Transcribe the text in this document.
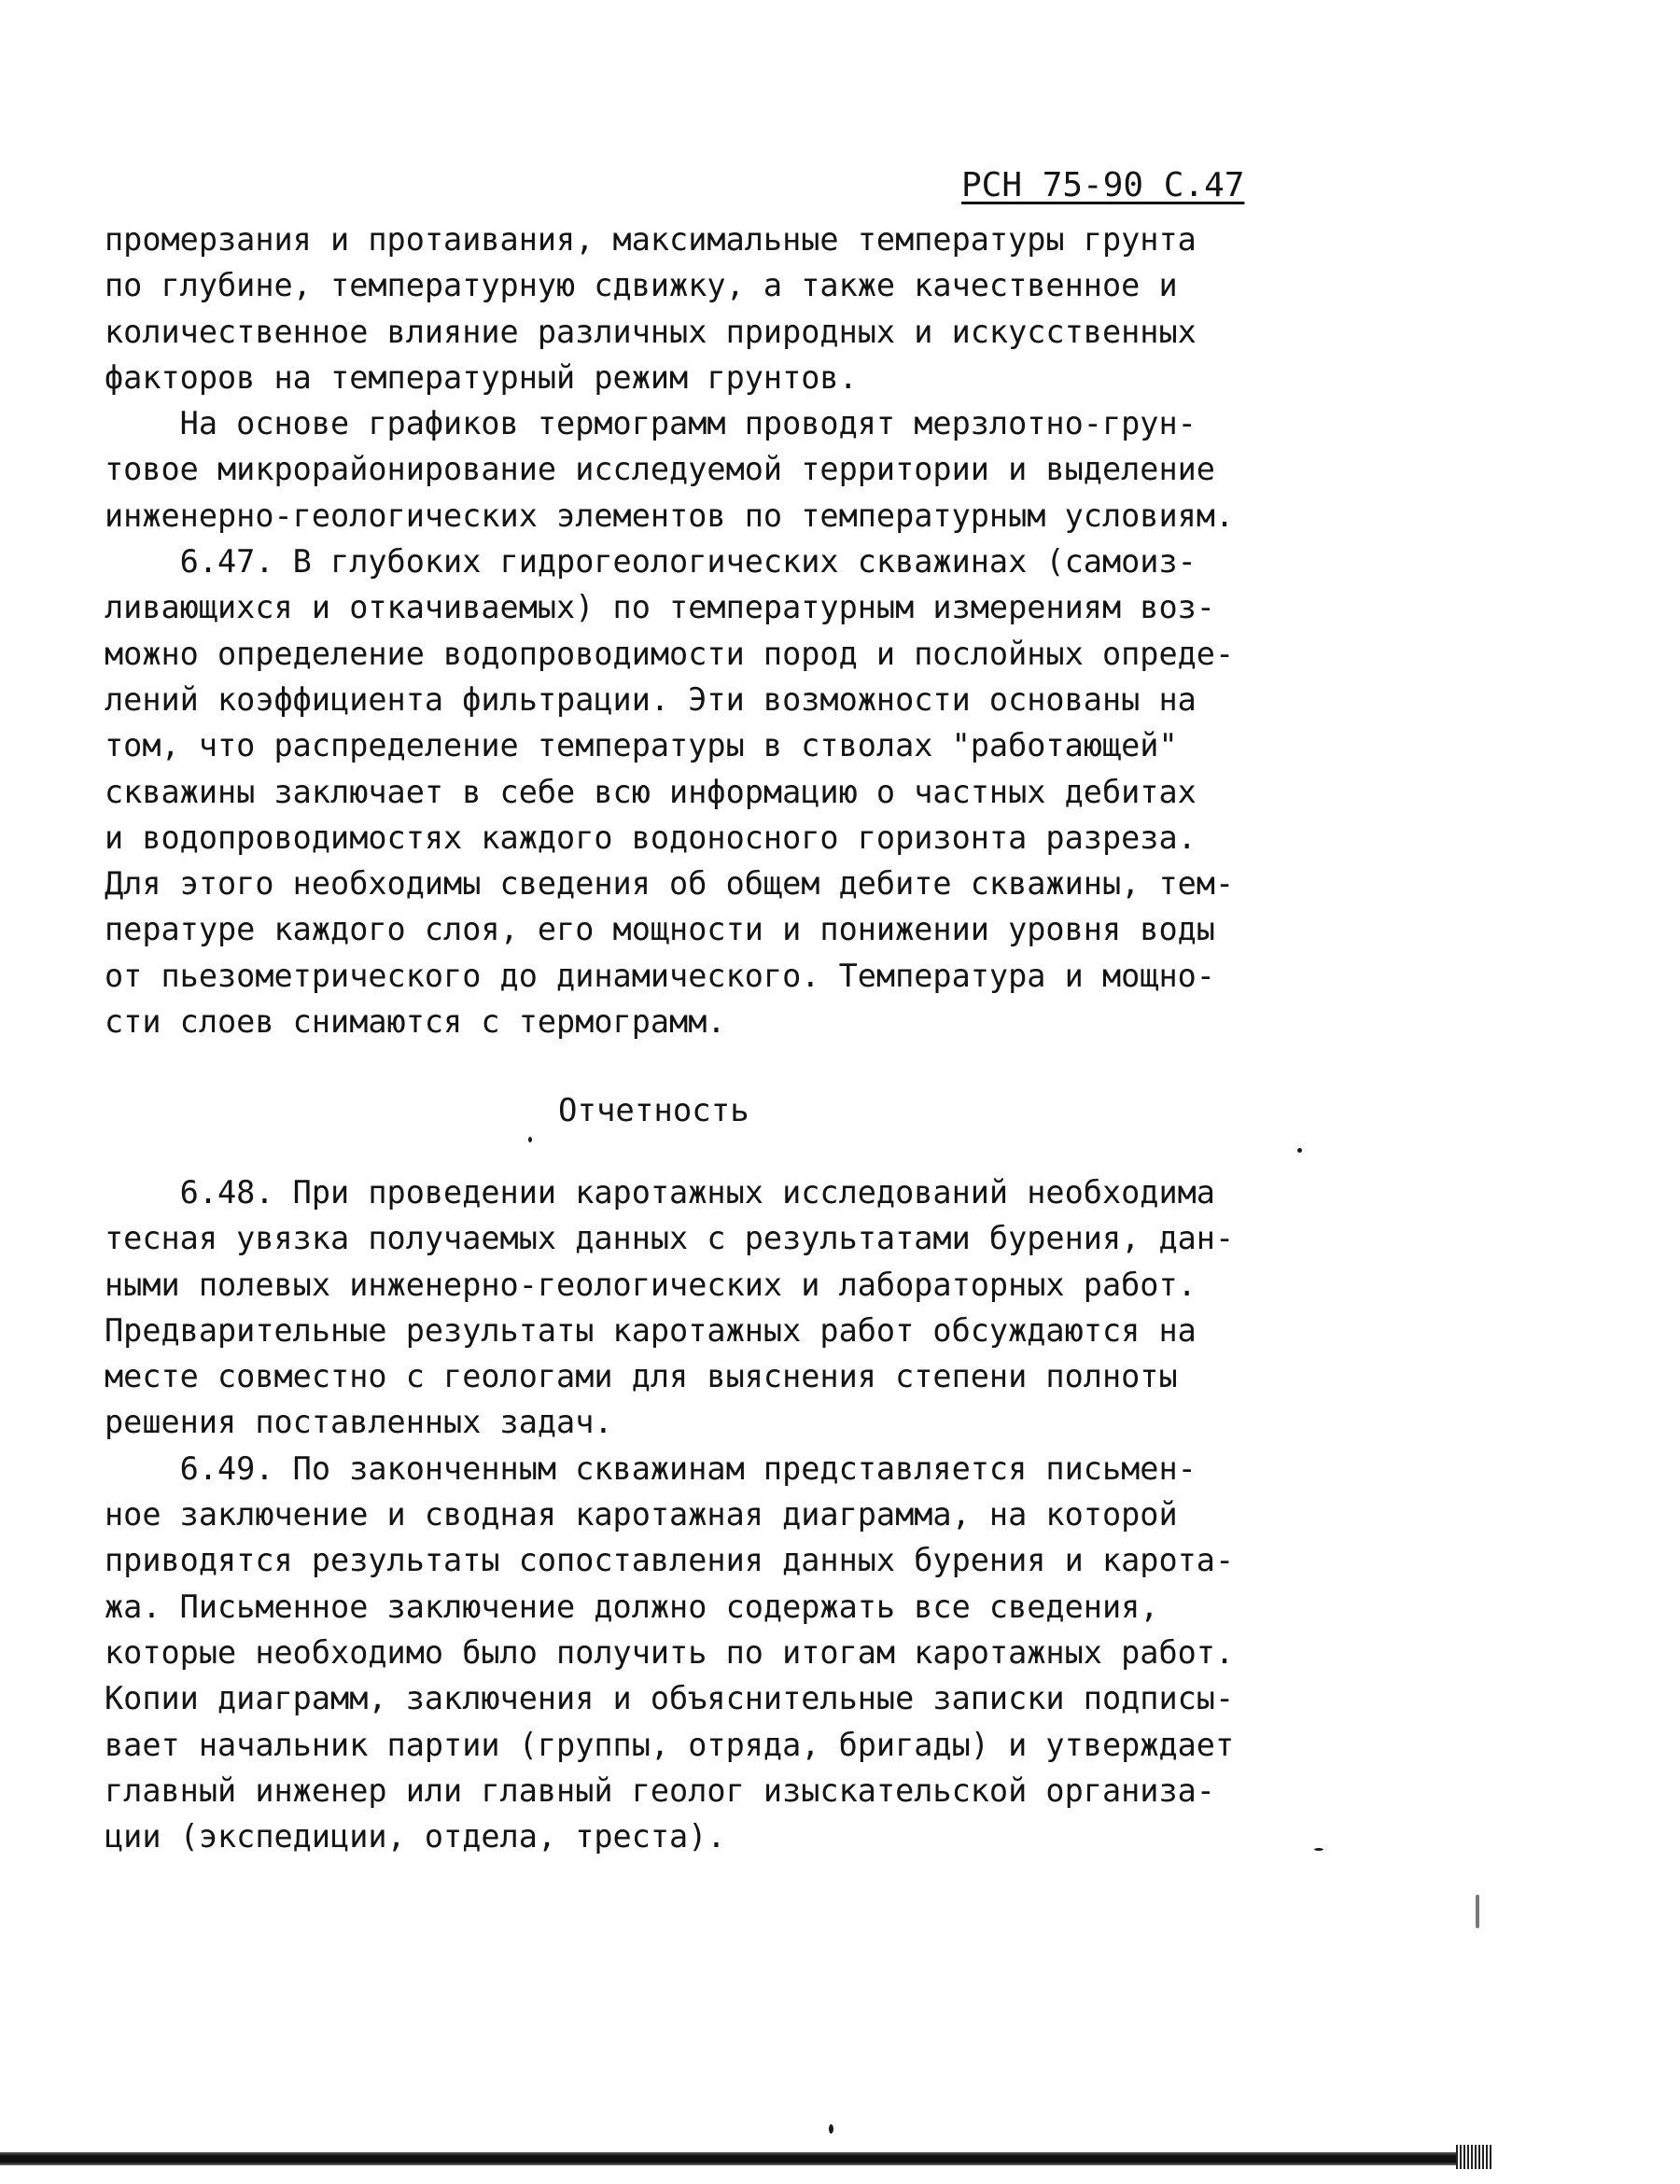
РСН 75-90 С.47
промерзания и протаивания, максимальные температуры грунта
по глубине, температурную сдвижку, а также качественное и
количественное влияние различных природных и искусственных
факторов на температурный режим грунтов.
На основе графиков термограмм проводят мерзлотно-грун-
товое микрорайонирование исследуемой территории и выделение
инженерно-геологических элементов по температурным условиям.
6.47. В глубоких гидрогеологических скважинах (самоиз-
ливающихся и откачиваемых) по температурным измерениям воз-
можно определение водопроводимости пород и послойных опреде-
лений коэффициента фильтрации. Эти возможности основаны на
том, что распределение температуры в стволах "работающей"
скважины заключает в себе всю информацию о частных дебитах
и водопроводимостях каждого водоносного горизонта разреза.
Для этого необходимы сведения об общем дебите скважины, тем-
пературе каждого слоя, его мощности и понижении уровня воды
от пьезометрического до динамического. Температура и мощно-
сти слоев снимаются с термограмм.
Отчетность
6.48. При проведении каротажных исследований необходима
тесная увязка получаемых данных с результатами бурения, дан-
ными полевых инженерно-геологических и лабораторных работ.
Предварительные результаты каротажных работ обсуждаются на
месте совместно с геологами для выяснения степени полноты
решения поставленных задач.
6.49. По законченным скважинам представляется письмен-
ное заключение и сводная каротажная диаграмма, на которой
приводятся результаты сопоставления данных бурения и карота-
жа. Письменное заключение должно содержать все сведения,
которые необходимо было получить по итогам каротажных работ.
Копии диаграмм, заключения и объяснительные записки подписы-
вает начальник партии (группы, отряда, бригады) и утверждает
главный инженер или главный геолог изыскательской организа-
ции (экспедиции, отдела, треста).
